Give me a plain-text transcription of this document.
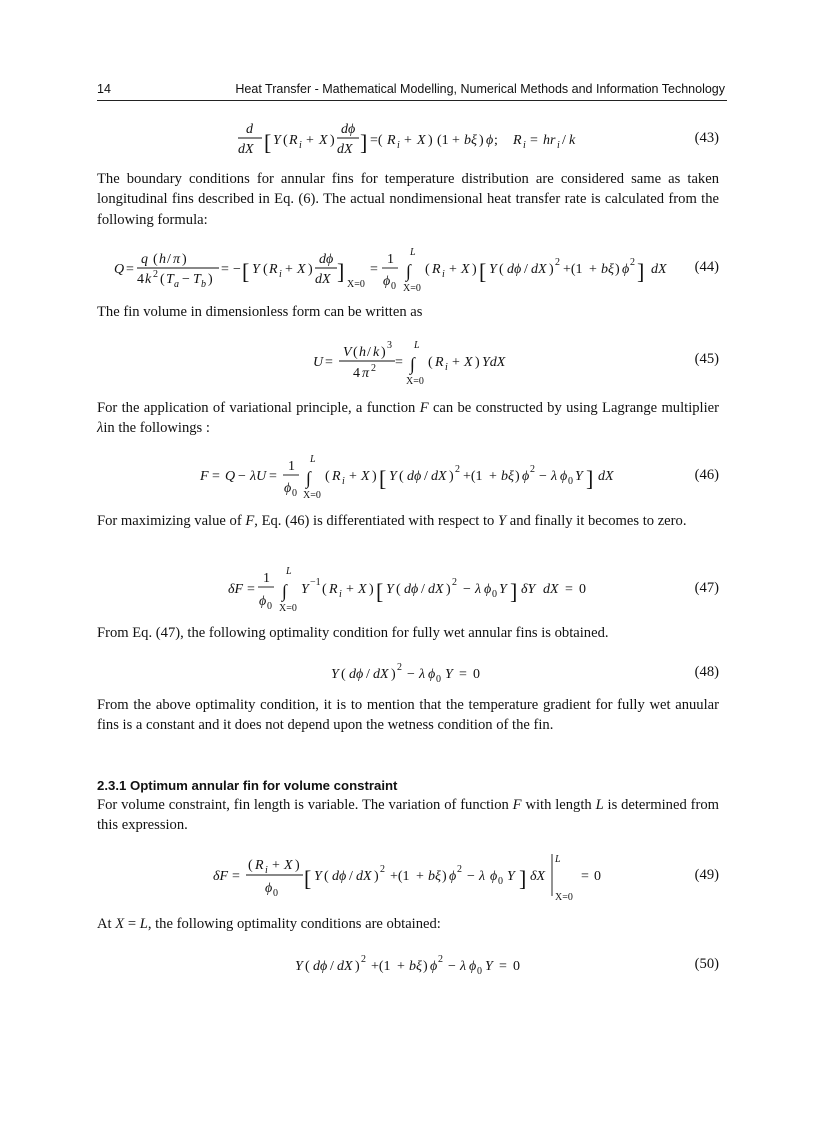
14	Heat Transfer - Mathematical Modelling, Numerical Methods and Information Technology
d
dX [ Y ( R i + X )
dϕ
dX ] =( R i + X ) (1 + bξ ) ϕ ; R i = hr i / k	(43)

The boundary conditions for annular fins for temperature distribution are considered same as taken longitudinal fins described in Eq. (6). The actual nondimensional heat transfer rate is calculated from the following formula:

Q =
q ( h / π )
4 k 2 ( T a − T b )
= − [ Y ( R i + X )
dϕ
dX ]
X=0
=
1
ϕ 0
L
∫
X=0
( R i + X ) [ Y ( dϕ / dX ) 2 +(1 + bξ ) ϕ 2 ] dX (44)

The fin volume in dimensionless form can be written as

U =
V ( h / k ) 3
4 π 2 =
L
∫
X=0
( R i + X ) YdX	(45)

For the application of variational principle, a function F can be constructed by using Lagrange multiplier λin the followings :

F = Q − λU =
1
ϕ 0
L
∫
X=0
( R i + X ) [ Y ( dϕ / dX ) 2 +(1 + bξ ) ϕ 2 − λ ϕ 0 Y ] dX	(46)

For maximizing value of F, Eq. (46) is differentiated with respect to Y and finally it becomes to zero.

δF =
1
ϕ 0
L
∫
X=0
Y −1 ( R i + X ) [ Y ( dϕ / dX ) 2 − λ ϕ 0 Y ] δY dX = 0	(47)

From Eq. (47), the following optimality condition for fully wet annular fins is obtained.

Y ( dϕ / dX ) 2 − λ ϕ 0 Y = 0	(48)

From the above optimality condition, it is to mention that the temperature gradient for fully wet anuular fins is a constant and it does not depend upon the wetness condition of the fin.

2.3.1 Optimum annular fin for volume constraint

For volume constraint, fin length is variable. The variation of function F with length L is determined from this expression.

δF =
( R i + X )
ϕ 0
[ Y ( dϕ / dX ) 2 +(1 + bξ ) ϕ 2 − λ ϕ 0 Y ] δX
L
X=0
= 0	(49)

At X = L, the following optimality conditions are obtained:

Y ( dϕ / dX ) 2 +(1 + bξ ) ϕ 2 − λ ϕ 0 Y = 0	(50)
